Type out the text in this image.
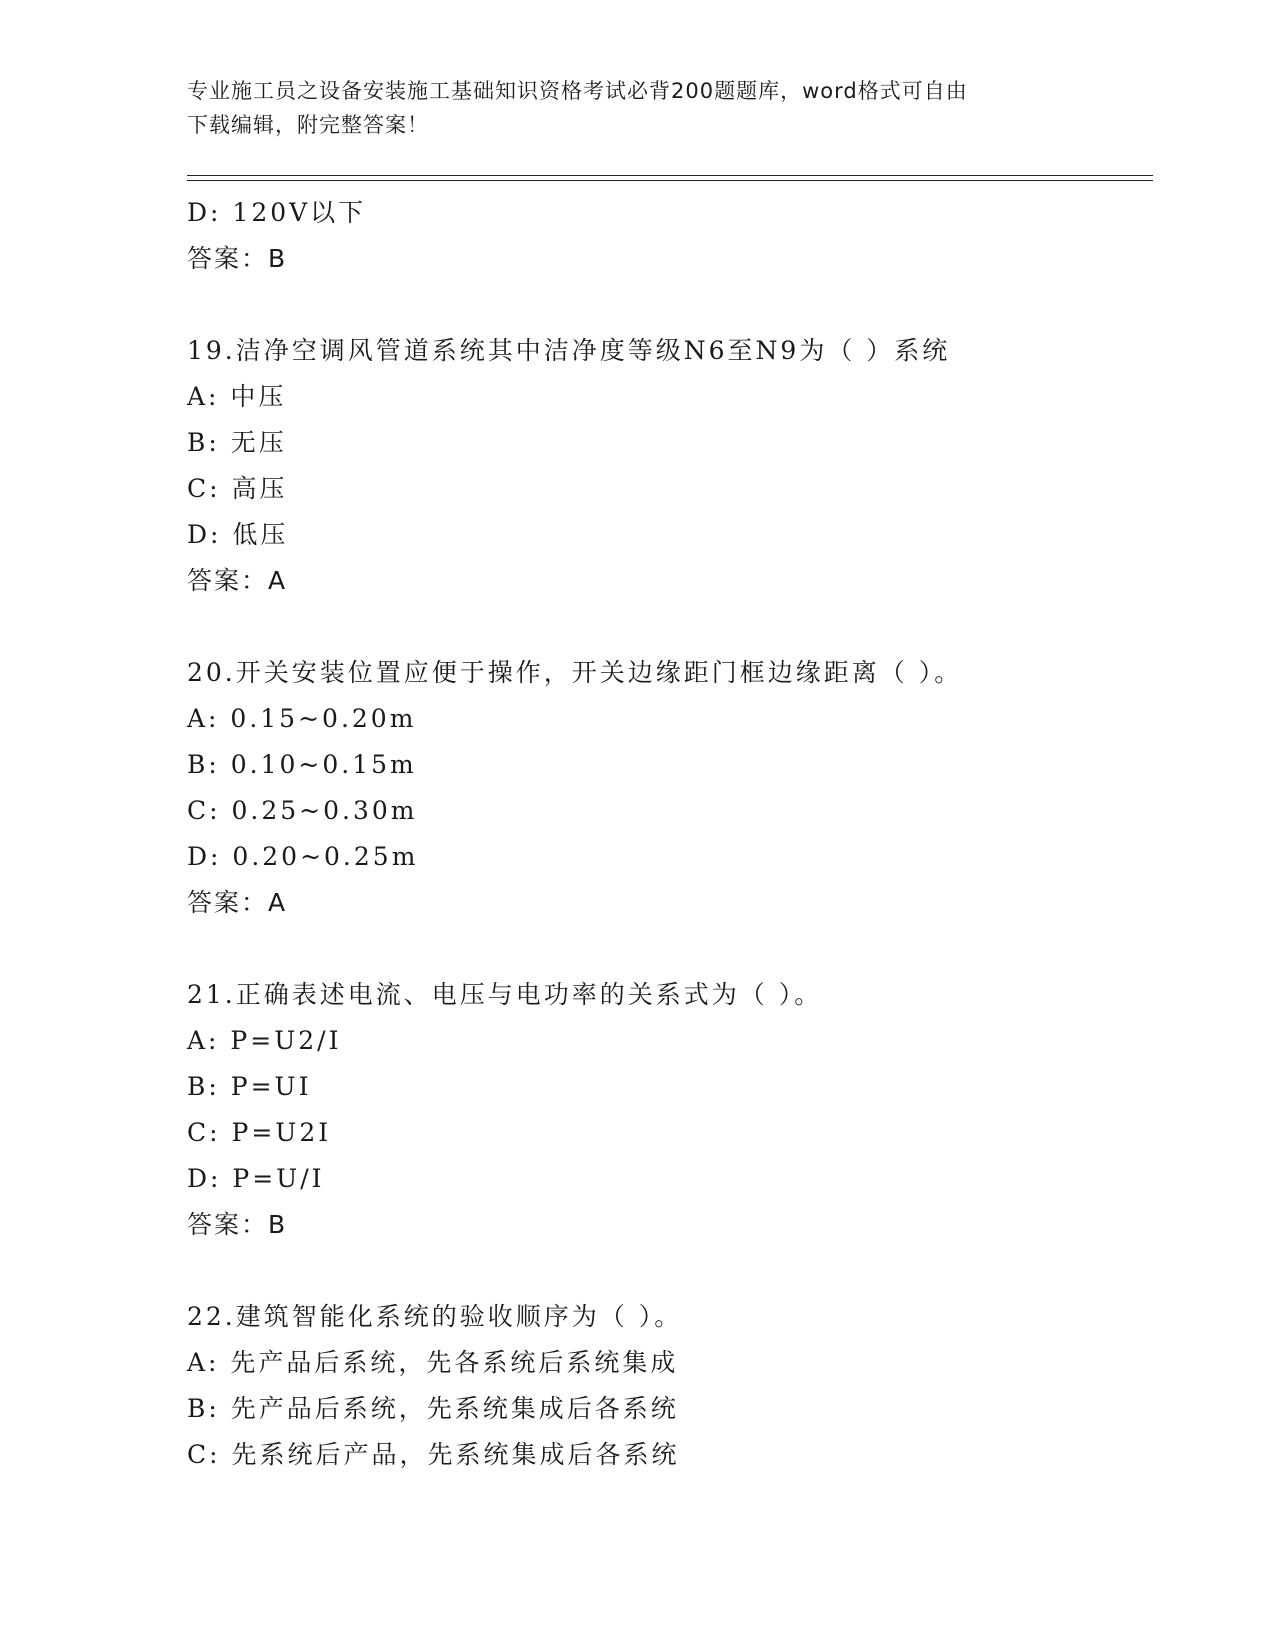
专业施工员之设备安装施工基础知识资格考试必背200题题库，word格式可自由
下载编辑，附完整答案！
D: 120V以下
答案：B
19.洁净空调风管道系统其中洁净度等级N6至N9为（ ）系统
A: 中压
B: 无压
C: 高压
D: 低压
答案：A
20.开关安装位置应便于操作，开关边缘距门框边缘距离（ ）。
A: 0.15~0.20m
B: 0.10~0.15m
C: 0.25~0.30m
D: 0.20~0.25m
答案：A
21.正确表述电流、电压与电功率的关系式为（ ）。
A: P=U2/I
B: P=UI
C: P=U2I
D: P=U/I
答案：B
22.建筑智能化系统的验收顺序为（ ）。
A: 先产品后系统，先各系统后系统集成
B: 先产品后系统，先系统集成后各系统
C: 先系统后产品，先系统集成后各系统
